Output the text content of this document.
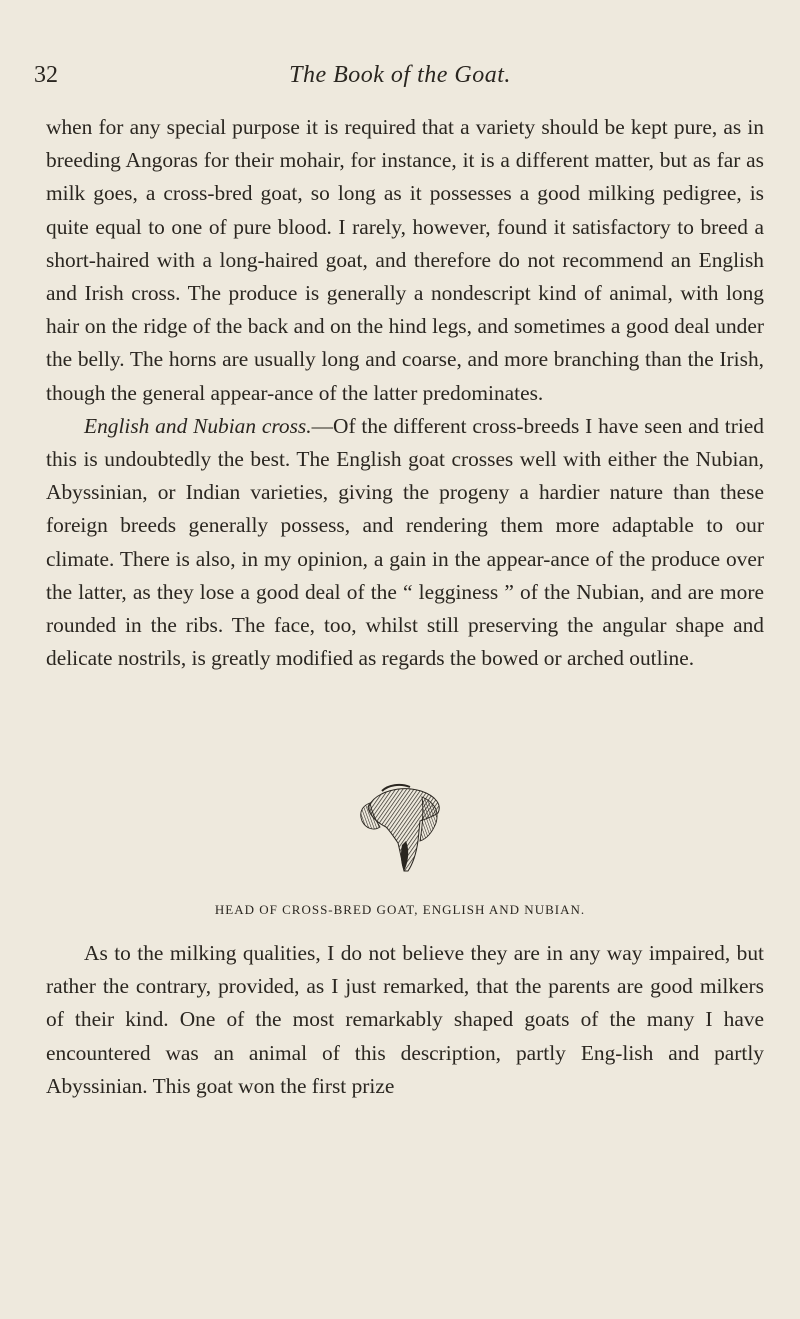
32	The Book of the Goat.

when for any special purpose it is required that a variety should be kept pure, as in breeding Angoras for their mohair, for instance, it is a different matter, but as far as milk goes, a cross-bred goat, so long as it possesses a good milking pedigree, is quite equal to one of pure blood. I rarely, however, found it satisfactory to breed a short-haired with a long-haired goat, and therefore do not recommend an English and Irish cross. The produce is generally a nondescript kind of animal, with long hair on the ridge of the back and on the hind legs, and sometimes a good deal under the belly. The horns are usually long and coarse, and more branching than the Irish, though the general appear-ance of the latter predominates.

English and Nubian cross.—Of the different cross-breeds I have seen and tried this is undoubtedly the best. The English goat crosses well with either the Nubian, Abyssinian, or Indian varieties, giving the progeny a hardier nature than these foreign breeds generally possess, and rendering them more adaptable to our climate. There is also, in my opinion, a gain in the appear-ance of the produce over the latter, as they lose a good deal of the “ legginess ” of the Nubian, and are more rounded in the ribs. The face, too, whilst still preserving the angular shape and delicate nostrils, is greatly modified as regards the bowed or arched outline.

HEAD OF CROSS-BRED GOAT, ENGLISH AND NUBIAN.

As to the milking qualities, I do not believe they are in any way impaired, but rather the contrary, provided, as I just remarked, that the parents are good milkers of their kind. One of the most remarkably shaped goats of the many I have encountered was an animal of this description, partly Eng-lish and partly Abyssinian. This goat won the first prize
